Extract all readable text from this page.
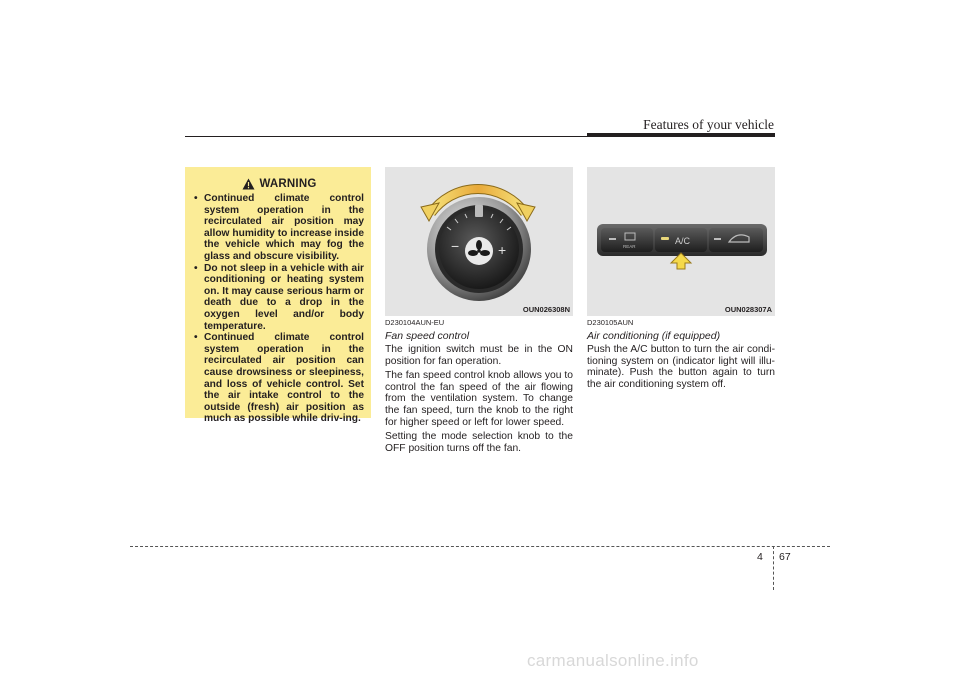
Features of your vehicle
WARNING
• Continued climate control system operation in the recirculated air position may allow humidity to increase inside the vehicle which may fog the glass and obscure visibility.
• Do not sleep in a vehicle with air conditioning or heating system on. It may cause serious harm or death due to a drop in the oxygen level and/or body temperature.
• Continued climate control system operation in the recirculated air position can cause drowsiness or sleepiness, and loss of vehicle control. Set the air intake control to the outside (fresh) air position as much as possible while driv-ing.
−	+
OUN026308N
REAR
A/C
OUN028307A
D230104AUN-EU
Fan speed control

The ignition switch must be in the ON position for fan operation.

The fan speed control knob allows you to control the fan speed of the air flowing from the ventilation system. To change the fan speed, turn the knob to the right for higher speed or left for lower speed.

Setting the mode selection knob to the OFF position turns off the fan.

D230105AUN
Air conditioning (if equipped)

Push the A/C button to turn the air condi-tioning system on (indicator light will illu-minate). Push the button again to turn the air conditioning system off.

4 67
carmanualsonline.info
